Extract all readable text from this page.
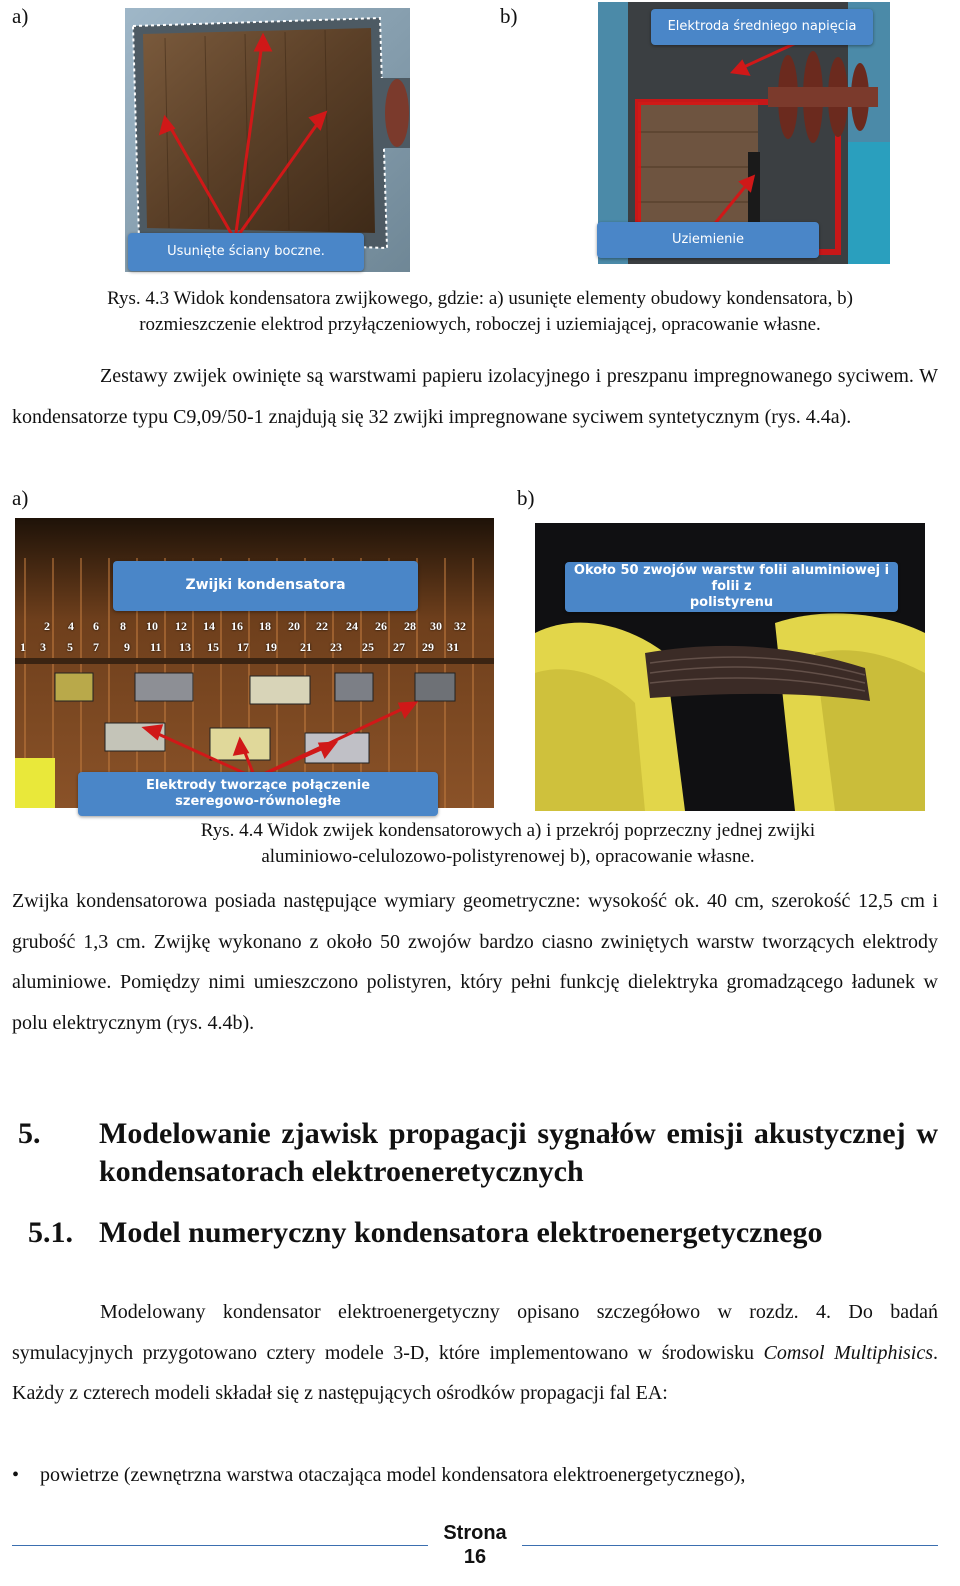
a)	b)
Usunięte ściany boczne.
Elektroda średniego napięcia
Uziemienie
Rys. 4.3 Widok kondensatora zwijkowego, gdzie: a) usunięte elementy obudowy kondensatora, b)
rozmieszczenie elektrod przyłączeniowych, roboczej i uziemiającej, opracowanie własne.

Zestawy zwijek owinięte są warstwami papieru izolacyjnego i preszpanu impregnowanego syciwem. W kondensatorze typu C9,09/50-1 znajdują się 32 zwijki impregnowane syciwem syntetycznym (rys. 4.4a).

a)	b)
Zwijki kondensatora
2 4 6 8 10 12 14 16 18 20 22 24 26 28 30 32
1 3 5 7 9 11 13 15 17 19 21 23 25 27 29 31
Elektrody tworzące połączenie
szeregowo-równoległe
Około 50 zwojów warstw folii aluminiowej i folii z
polistyrenu
Rys. 4.4 Widok zwijek kondensatorowych a) i przekrój poprzeczny jednej zwijki
aluminiowo-celulozowo-polistyrenowej b), opracowanie własne.

Zwijka kondensatorowa posiada następujące wymiary geometryczne: wysokość ok. 40 cm, szerokość 12,5 cm i grubość 1,3 cm. Zwijkę wykonano z około 50 zwojów bardzo ciasno zwiniętych warstw tworzących elektrody aluminiowe. Pomiędzy nimi umieszczono polistyren, który pełni funkcję dielektryka gromadzącego ładunek w polu elektrycznym (rys. 4.4b).

5. Modelowanie zjawisk propagacji sygnałów emisji akustycznej w kondensatorach elektroeneretycznych
5.1. Model numeryczny kondensatora elektroenergetycznego

Modelowany kondensator elektroenergetyczny opisano szczegółowo w rozdz. 4. Do badań symulacyjnych przygotowano cztery modele 3-D, które implementowano w środowisku Comsol Multiphisics. Każdy z czterech modeli składał się z następujących ośrodków propagacji fal EA:

• powietrze (zewnętrzna warstwa otaczająca model kondensatora elektroenergetycznego),
Strona
16
